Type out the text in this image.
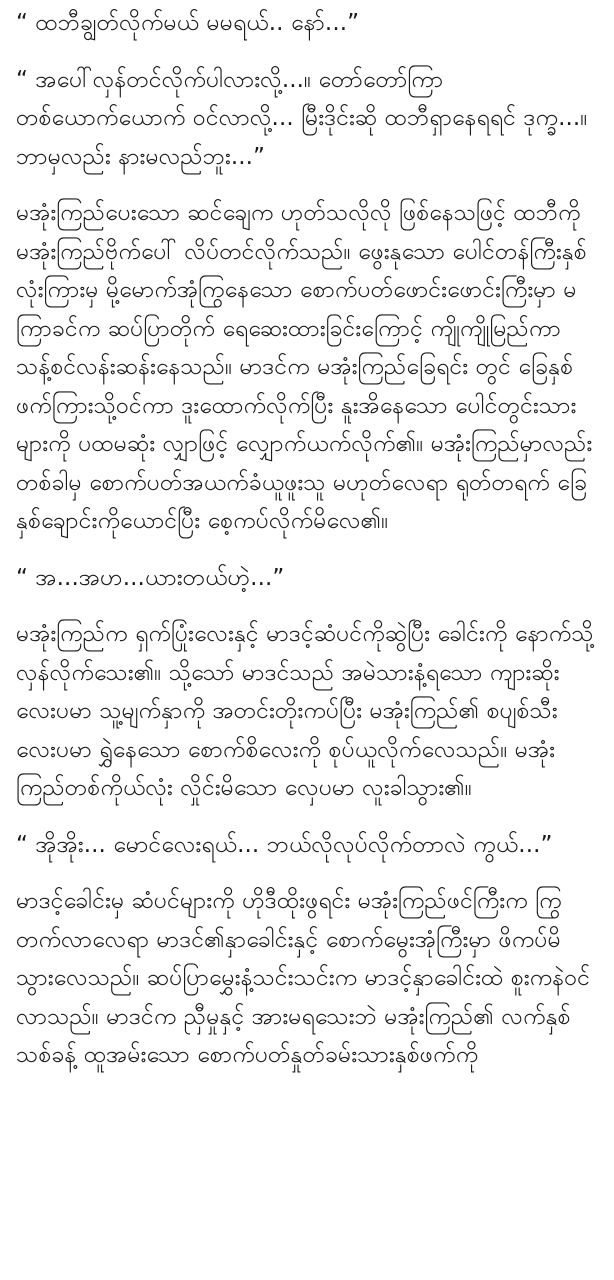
“ ထဘီချွတ်လိုက်မယ် မမရယ်.. နော်...”

“ အပေါ်လှန်တင်လိုက်ပါလားလို့...။ တော်တော်ကြာ တစ်ယောက်ယောက် ဝင်လာလို့... မြီးဒိုင်းဆို ထဘီရှာနေရရင် ဒုက္ခ...။ ဘာမှလည်း နားမလည်ဘူး...”

မအုံးကြည်ပေးသော ဆင်ချေက ဟုတ်သလိုလို ဖြစ်နေသဖြင့် ထဘီကို မအုံးကြည်ဗိုက်ပေါ် လိပ်တင်လိုက်သည်။ ဖွေးနုသော ပေါင်တန်ကြီးနှစ်လုံးကြားမှ မို့မောက်အုံကြွနေသော စောက်ပတ်ဖောင်းဖောင်းကြီးမှာ မကြာခင်က ဆပ်ပြာတိုက် ရေဆေးထားခြင်းကြောင့် ကျိုကျိုမြည်ကာ သန့်စင်လန်းဆန်းနေသည်။ မာဒင်က မအုံးကြည်ခြေရင်း တွင် ခြေနှစ်ဖက်ကြားသို့ဝင်ကာ ဒူးထောက်လိုက်ပြီး နူးအိနေသော ပေါင်တွင်းသားများကို ပထမဆုံး လျှာဖြင့် လျှောက်ယက်လိုက်၏။ မအုံးကြည်မှာလည်း တစ်ခါမှ စောက်ပတ်အယက်ခံယူဖူးသူ မဟုတ်လေရာ ရုတ်တရက် ခြေနှစ်ချောင်းကိုယောင်ပြီး စေ့ကပ်လိုက်မိလေ၏။

“ အ...အဟ...ယားတယ်ဟဲ့...”

မအုံးကြည်က ရှက်ပြုံးလေးနှင့် မာဒင့်ဆံပင်ကိုဆွဲပြီး ခေါင်းကို နောက်သို့လှန်လိုက်သေး၏။ သို့သော် မာဒင်သည် အမဲသားနံ့ရသော ကျားဆိုးလေးပမာ သူ့မျက်နှာကို အတင်းတိုးကပ်ပြီး မအုံးကြည်၏ စပျစ်သီးလေးပမာ ရွှဲနေသော စောက်စိလေးကို စုပ်ယူလိုက်လေသည်။ မအုံးကြည်တစ်ကိုယ်လုံး လှိုင်းမိသော လှေပမာ လူးခါသွား၏။

“ အိုအိုး... မောင်လေးရယ်... ဘယ်လိုလုပ်လိုက်တာလဲ ကွယ်...”

မာဒင့်ခေါင်းမှ ဆံပင်များကို ဟိုဒီထိုးဖွရင်း မအုံးကြည်ဖင်ကြီးက ကြွတက်လာလေရာ မာဒင်၏နှာခေါင်းနှင့် စောက်မွေးအုံကြီးမှာ ဖိကပ်မိသွားလေသည်။ ဆပ်ပြာမွှေးနံ့သင်းသင်းက မာဒင့်နှာခေါင်းထဲ စူးကနဲဝင်လာသည်။ မာဒင်က ညှီမှုနှင့် အားမရသေးဘဲ မအုံးကြည်၏ လက်နှစ်သစ်ခန့် ထူအမ်းသော စောက်ပတ်နှုတ်ခမ်းသားနှစ်ဖက်ကို
